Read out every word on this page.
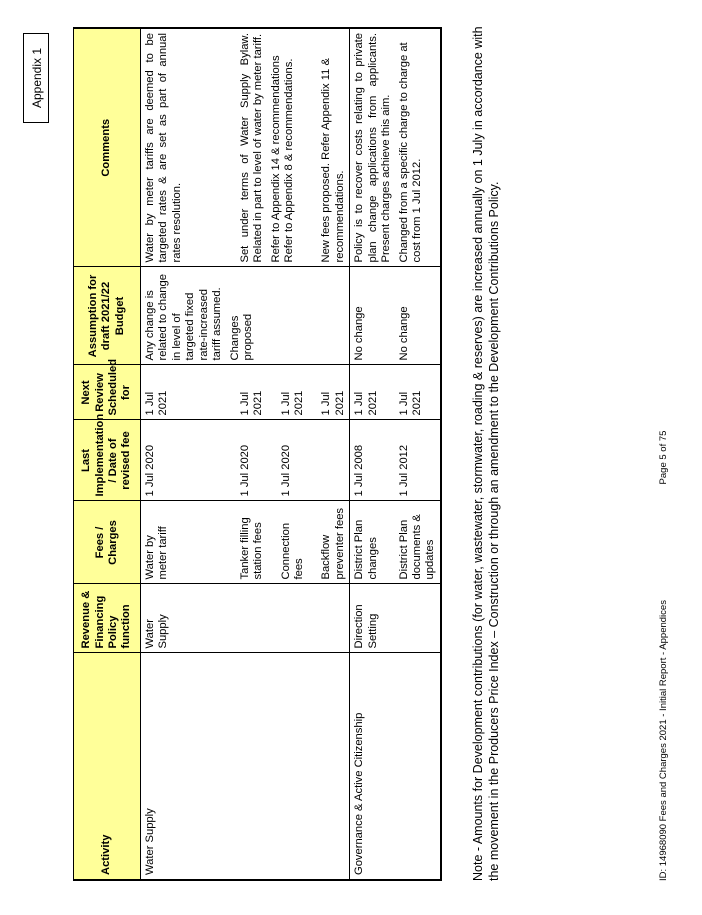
Appendix 1
Activity	Revenue & Financing Policy function	Fees / Charges	Last Implementation / Date of revised fee	Next Review Scheduled for	Assumption for draft 2021/22 Budget	Comments
Water Supply	Water Supply	Water by meter tariff	1 Jul 2020	1 Jul 2021	Any change is related to change in level of targeted fixed rate-increased tariff assumed.	Water by meter tariffs are deemed to be targeted rates & are set as part of annual rates resolution.
		Tanker filling station fees	1 Jul 2020	1 Jul 2021	Changes proposed	Set under terms of Water Supply Bylaw. Related in part to level of water by meter tariff.
		Connection fees	1 Jul 2020	1 Jul 2021		Refer to Appendix 14 & recommendations Refer to Appendix 8 & recommendations.
		Backflow preventer fees		1 Jul 2021		New fees proposed. Refer Appendix 11 & recommendations.
Governance & Active Citizenship	Direction Setting	District Plan changes	1 Jul 2008	1 Jul 2021	No change	Policy is to recover costs relating to private plan change applications from applicants. Present charges achieve this aim.
		District Plan documents & updates	1 Jul 2012	1 Jul 2021	No change	Changed from a specific charge to charge at cost from 1 Jul 2012.	Note - Amounts for Development contributions (for water, wastewater, stormwater, roading & reserves) are increased annually on 1 July in accordance with the movement in the Producers Price Index – Construction or through an amendment to the Development Contributions Policy.	ID: 14968090 Fees and Charges 2021 - Initial Report - Appendices
Page 5 of 75
